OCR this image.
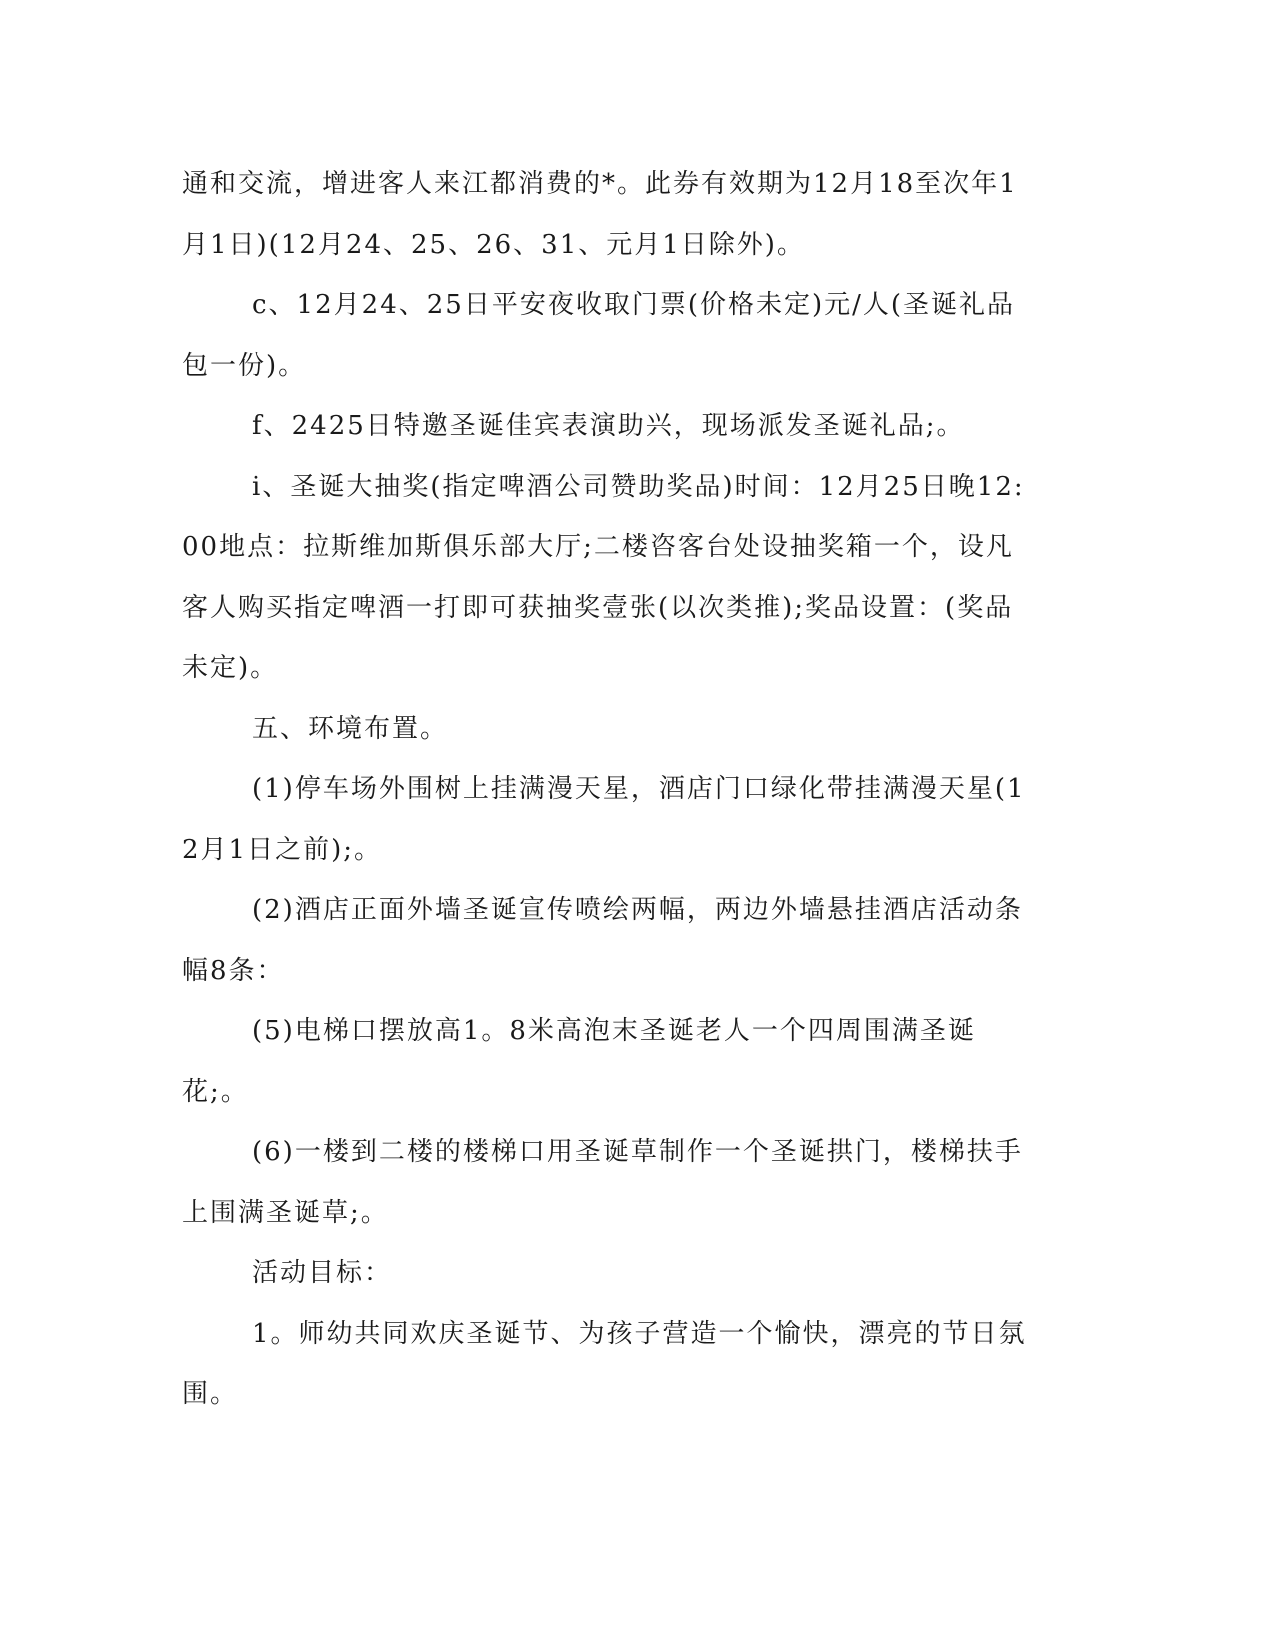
通和交流，增进客人来江都消费的*。此券有效期为12月18至次年1月1日)(12月24、25、26、31、元月1日除外)。

c、12月24、25日平安夜收取门票(价格未定)元/人(圣诞礼品包一份)。

f、2425日特邀圣诞佳宾表演助兴，现场派发圣诞礼品;。

i、圣诞大抽奖(指定啤酒公司赞助奖品)时间：12月25日晚12:00地点：拉斯维加斯俱乐部大厅;二楼咨客台处设抽奖箱一个，设凡客人购买指定啤酒一打即可获抽奖壹张(以次类推);奖品设置：(奖品未定)。

五、环境布置。

(1)停车场外围树上挂满漫天星，酒店门口绿化带挂满漫天星(12月1日之前);。

(2)酒店正面外墙圣诞宣传喷绘两幅，两边外墙悬挂酒店活动条幅8条：

(5)电梯口摆放高1。8米高泡末圣诞老人一个四周围满圣诞花;。

(6)一楼到二楼的楼梯口用圣诞草制作一个圣诞拱门，楼梯扶手上围满圣诞草;。

活动目标：

1。师幼共同欢庆圣诞节、为孩子营造一个愉快，漂亮的节日氛围。
